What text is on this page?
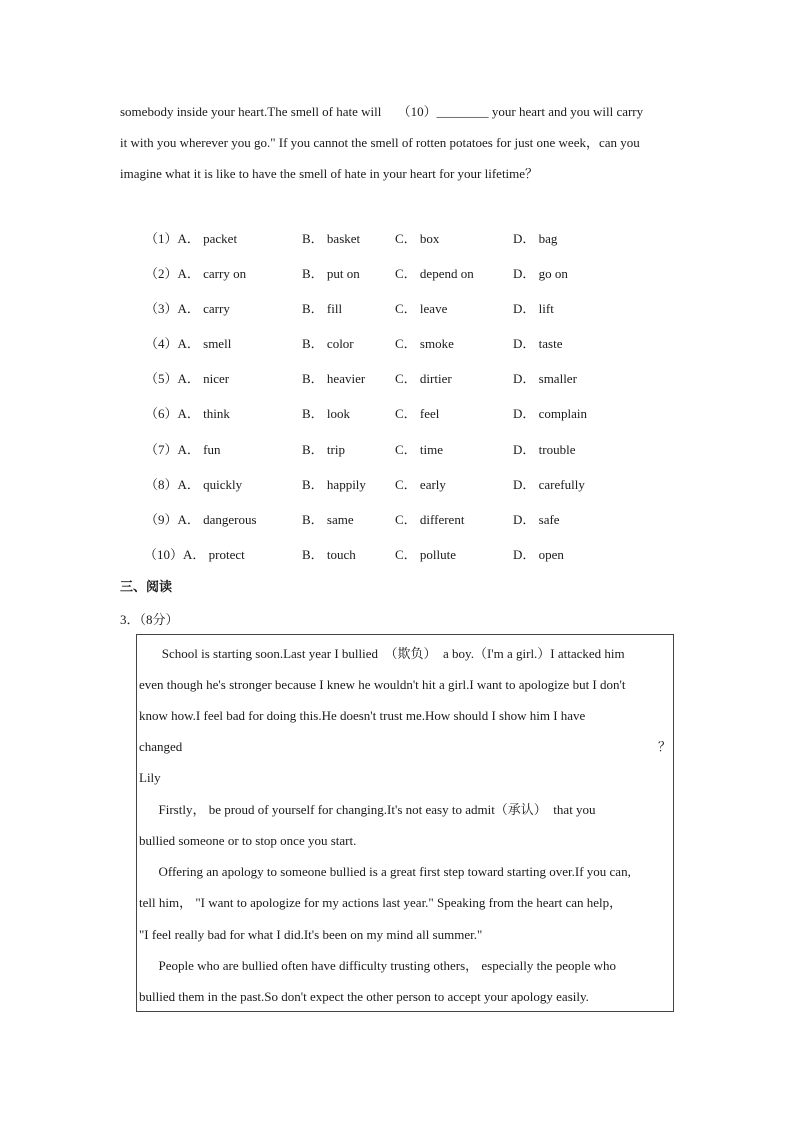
somebody inside your heart.The smell of hate will     （10）________ your heart and you will carry
it with you wherever you go." If you cannot the smell of rotten potatoes for just one week，can you
imagine what it is like to have the smell of hate in your heart for your lifetime？
（1）A． packet	B． basket	C． box	D． bag
（2）A． carry on	B． put on	C． depend on	D． go on
（3）A． carry	B． fill	C． leave	D． lift
（4）A． smell	B． color	C． smoke	D． taste
（5）A． nicer	B． heavier C． dirtier	D． smaller
（6）A． think	B． look	C． feel	D． complain
（7）A． fun	B． trip	C． time	D． trouble
（8）A． quickly	B． happily C． early	D． carefully
（9）A． dangerous	B． same	C． different	D． safe
（10）A． protect	B． touch	C． pollute	D． open
三、阅读
3．（8分）
School is starting soon.Last year I bullied  （欺负）  a boy.（I'm a girl.）I attacked him
even though he's stronger because I knew he wouldn't hit a girl.I want to apologize but I don't
know how.I feel bad for doing this.He doesn't trust me.How should I show him I have
changed	？
Lily
Firstly， be proud of yourself for changing.It's not easy to admit（承认）  that you
bullied someone or to stop once you start.
Offering an apology to someone bullied is a great first step toward starting over.If you can,
tell him， "I want to apologize for my actions last year." Speaking from the heart can help，
"I feel really bad for what I did.It's been on my mind all summer."
People who are bullied often have difficulty trusting others， especially the people who
bullied them in the past.So don't expect the other person to accept your apology easily.
